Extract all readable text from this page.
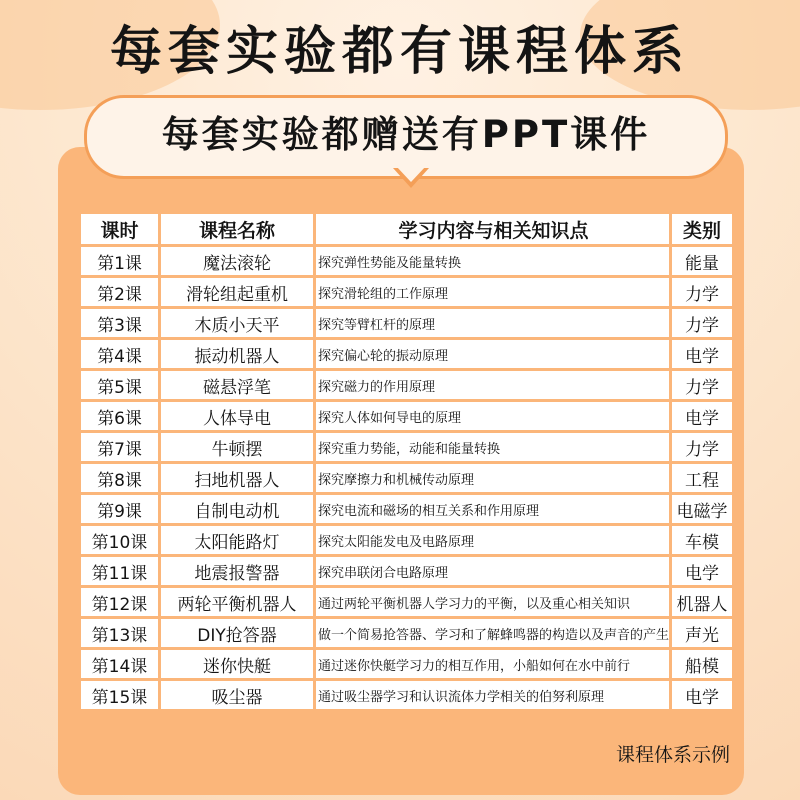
每套实验都有课程体系
每套实验都赠送有PPT课件
课时	课程名称	学习内容与相关知识点	类别
第1课	魔法滚轮	探究弹性势能及能量转换	能量
第2课	滑轮组起重机	探究滑轮组的工作原理	力学
第3课	木质小天平	探究等臂杠杆的原理	力学
第4课	振动机器人	探究偏心轮的振动原理	电学
第5课	磁悬浮笔	探究磁力的作用原理	力学
第6课	人体导电	探究人体如何导电的原理	电学
第7课	牛顿摆	探究重力势能，动能和能量转换	力学
第8课	扫地机器人	探究摩擦力和机械传动原理	工程
第9课	自制电动机	探究电流和磁场的相互关系和作用原理	电磁学
第10课	太阳能路灯	探究太阳能发电及电路原理	车模
第11课	地震报警器	探究串联闭合电路原理	电学
第12课	两轮平衡机器人	通过两轮平衡机器人学习力的平衡，以及重心相关知识	机器人
第13课	DIY抢答器	做一个简易抢答器、学习和了解蜂鸣器的构造以及声音的产生	声光
第14课	迷你快艇	通过迷你快艇学习力的相互作用，小船如何在水中前行	船模
第15课	吸尘器	通过吸尘器学习和认识流体力学相关的伯努利原理	电学
课程体系示例
